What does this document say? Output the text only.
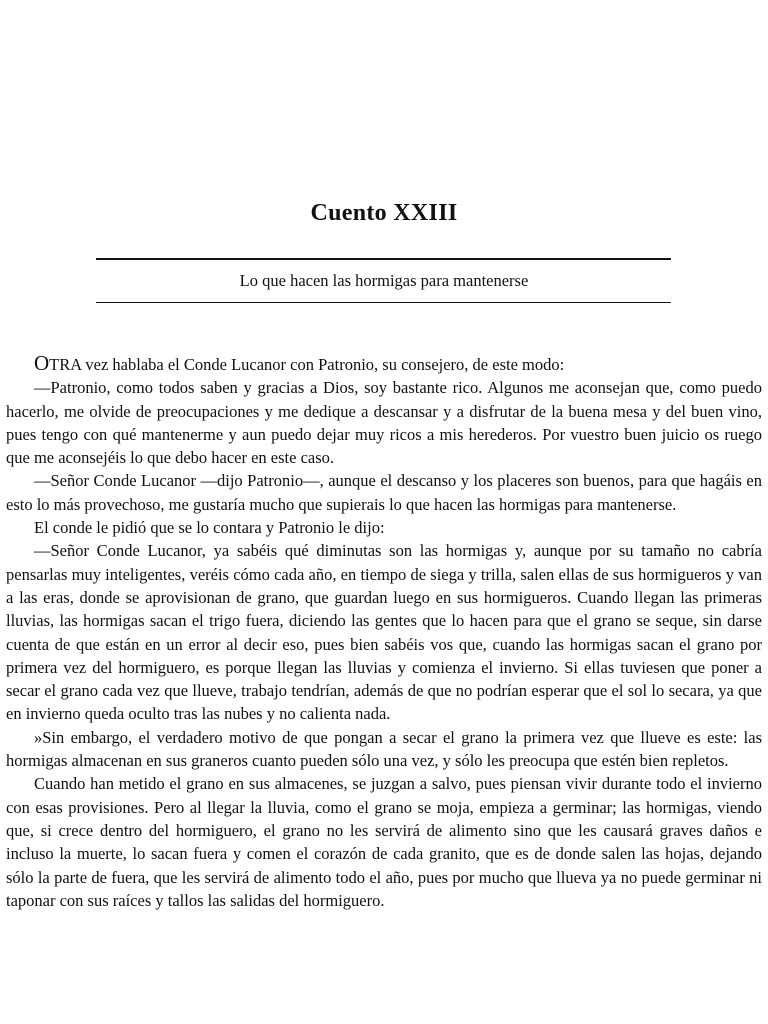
Cuento XXIII
Lo que hacen las hormigas para mantenerse

OTRA vez hablaba el Conde Lucanor con Patronio, su consejero, de este modo:

—Patronio, como todos saben y gracias a Dios, soy bastante rico. Algunos me aconsejan que, como puedo hacerlo, me olvide de preocupaciones y me dedique a descansar y a disfrutar de la buena mesa y del buen vino, pues tengo con qué mantenerme y aun puedo dejar muy ricos a mis herederos. Por vuestro buen juicio os ruego que me aconsejéis lo que debo hacer en este caso.

—Señor Conde Lucanor —dijo Patronio—, aunque el descanso y los placeres son buenos, para que hagáis en esto lo más provechoso, me gustaría mucho que supierais lo que hacen las hormigas para mantenerse.

El conde le pidió que se lo contara y Patronio le dijo:

—Señor Conde Lucanor, ya sabéis qué diminutas son las hormigas y, aunque por su tamaño no cabría pensarlas muy inteligentes, veréis cómo cada año, en tiempo de siega y trilla, salen ellas de sus hormigueros y van a las eras, donde se aprovisionan de grano, que guardan luego en sus hormigueros. Cuando llegan las primeras lluvias, las hormigas sacan el trigo fuera, diciendo las gentes que lo hacen para que el grano se seque, sin darse cuenta de que están en un error al decir eso, pues bien sabéis vos que, cuando las hormigas sacan el grano por primera vez del hormiguero, es porque llegan las lluvias y comienza el invierno. Si ellas tuviesen que poner a secar el grano cada vez que llueve, trabajo tendrían, además de que no podrían esperar que el sol lo secara, ya que en invierno queda oculto tras las nubes y no calienta nada.

»Sin embargo, el verdadero motivo de que pongan a secar el grano la primera vez que llueve es este: las hormigas almacenan en sus graneros cuanto pueden sólo una vez, y sólo les preocupa que estén bien repletos.

Cuando han metido el grano en sus almacenes, se juzgan a salvo, pues piensan vivir durante todo el invierno con esas provisiones. Pero al llegar la lluvia, como el grano se moja, empieza a germinar; las hormigas, viendo que, si crece dentro del hormiguero, el grano no les servirá de alimento sino que les causará graves daños e incluso la muerte, lo sacan fuera y comen el corazón de cada granito, que es de donde salen las hojas, dejando sólo la parte de fuera, que les servirá de alimento todo el año, pues por mucho que llueva ya no puede germinar ni taponar con sus raíces y tallos las salidas del hormiguero.
